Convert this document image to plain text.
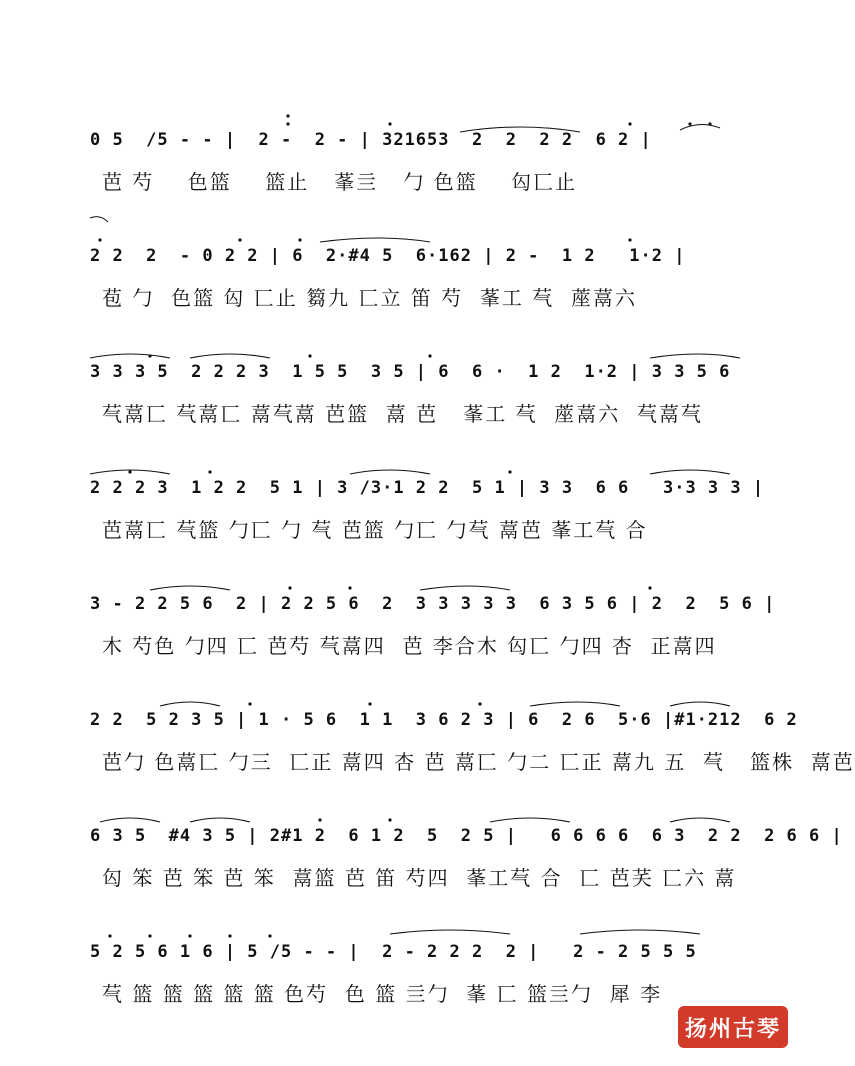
0 5  /5 - - |  2 -  2 - | 321653  2  2  2 2  6 2 |
芭 芍    色篮    篮止   莑亖   勹 色篮    匃匸止
2 2  2  - 0 2 2 | 6  2·#4 5  6·162 | 2 -  1 2   1·2 |
苞 勹  色篮 匃 匸止 篘九 匸立 笛 芍  莑工 芞  蓙蒚六
3 3 3 5  2 2 2 3  1 5 5  3 5 | 6  6 ·  1 2  1·2 | 3 3 5 6
芞蒚匸 芞蒚匸 蒚芞蒚 芭篮  蒚 芭   莑工 芞  蓙蒚六  芞蒚芞
2 2 2 3  1 2 2  5 1 | 3 /3·1 2 2  5 1 | 3 3  6 6   3·3 3 3 |
芭蒚匸 芞篮 勹匸 勹 芞 芭篮 勹匸 勹芞 蒚芭 莑工芞 合
3 - 2 2 5 6  2 | 2 2 5 6  2  3 3 3 3 3  6 3 5 6 | 2  2  5 6 |
木 芍色 勹四 匸 芭芍 芞蒚四  芭 李合木 匃匸 勹四 杏  正蒚四
2 2  5 2 3 5 | 1 · 5 6  1 1  3 6 2 3 | 6  2 6  5·6 |#1·212  6 2
芭勹 色蒚匸 勹三  匸正 蒚四 杏 芭 蒚匸 勹二 匸正 蒚九 五  芞   篮株  蒚芭
6 3 5  #4 3 5 | 2#1 2  6 1 2  5  2 5 |   6 6 6 6  6 3  2 2  2 6 6 |
匃 笨 芭 笨 芭 笨  蒚篮 芭 笛 芍四  莑工芞 合  匸 芭芺 匸六 蒚
5 2 5 6 1 6 | 5 /5 - - |  2 - 2 2 2  2 |   2 - 2 5 5 5
芞 篮 篮 篮 篮 篮 色芍  色 篮 亖勹  莑 匸 篮亖勹  犀 李
扬州古琴
